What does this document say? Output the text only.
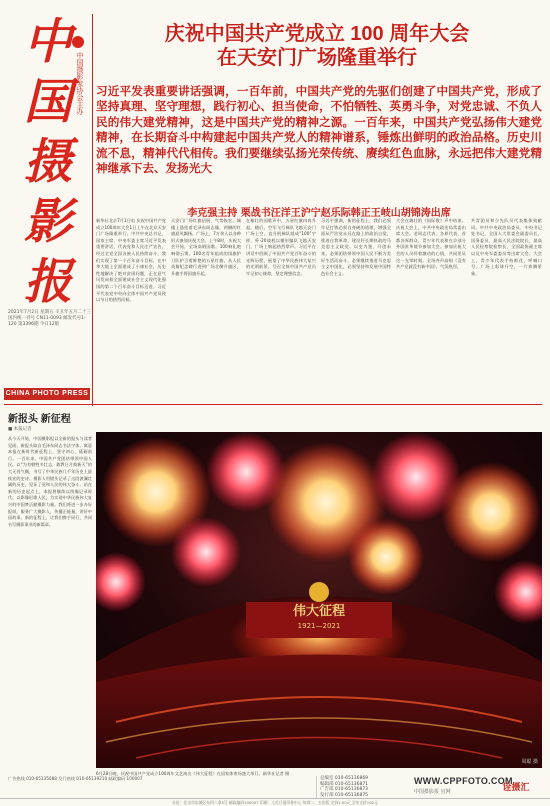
中
国
摄
影
报
中国摄影家协会主办
2021年7月2日 星期五 辛丑年五月二十三 国内统一刊号 CN11-0093 邮发代号1-120 第3396期 今日12版
CHINA PHOTO PRESS
庆祝中国共产党成立 100 周年大会
在天安门广场隆重举行
习近平发表重要讲话强调，一百年前，中国共产党的先驱们创建了中国共产党，形成了坚持真理、坚守理想，践行初心、担当使命，不怕牺牲、英勇斗争，对党忠诚、不负人民的伟大建党精神，这是中国共产党的精神之源。一百年来，中国共产党弘扬伟大建党精神，在长期奋斗中构建起中国共产党人的精神谱系，锤炼出鲜明的政治品格。历史川流不息，精神代代相传。我们要继续弘扬光荣传统、赓续红色血脉，永远把伟大建党精神继承下去、发扬光大
李克强主持 栗战书汪洋王沪宁赵乐际韩正王岐山胡锦涛出席
新华社北京7月1日电 庆祝中国共产党成立100周年大会1日上午在北京天安门广场隆重举行。中共中央总书记、国家主席、中央军委主席习近平发表重要讲话，代表党和人民庄严宣告，经过全党全国各族人民持续奋斗，我们实现了第一个百年奋斗目标，在中华大地上全面建成了小康社会，历史性地解决了绝对贫困问题，正在意气风发向着全面建成社会主义现代化强国的第二个百年奋斗目标迈进。习近平代表党中央向全体中国共产党员致以节日的热烈问候。
天安门广场红旗招展、气势恢宏。城楼上悬挂着毛泽东同志像，两侧的红旗迎风飘扬。广场上，7万余人以各种形式参加庆祝大会。上午8时，庆祝大会开始，全场高唱国歌。100响礼炮响彻云霄。100名青年组成的国旗护卫队护卫着鲜艳的五星红旗，从人民英雄纪念碑行进到广场北侧升旗区，升旗手将国旗升起。
在雄壮的国歌声中，五星红旗冉冉升起。随后，空军飞行梯队飞越天安门广场上空。直升机梯队组成“100”字样，歼-20战机以楔形编队飞越天安门，广场上响起热烈掌声。习近平在讲话中回顾了中国共产党百年奋斗的光辉历程，展望了中华民族伟大复兴的光明前景，号召全体中国共产党员牢记初心使命，坚定理想信念。
习近平强调，新的征程上，我们必须牢记打铁必须自身硬的道理，增强全面从严治党永远在路上的政治自觉，推进自我革命，建设好长期执政的马克思主义政党。以史为鉴、开创未来，必须团结带领中国人民不断为美好生活而奋斗，必须继续推进马克思主义中国化，必须坚持和发展中国特色社会主义。
大会在雄壮的《国际歌》声中结束。庆祝大会上，中共中央政治局常委出席大会。老同志代表、各界代表、首都各界群众、青少年代表和在京部分外国驻华使节参加大会。参加庆祝大会的人员怀着激动的心情，共同见证这一光荣时刻。全场齐声高唱《没有共产党就没有新中国》，气氛热烈。
共青团员和少先队员代表集体致献词。中共中央政治局委员、中央书记处书记，全国人大常委会副委员长，国务委员，最高人民法院院长，最高人民检察院检察长，全国政协副主席以及中央军委委员等出席大会。大会上，青少年代表手持鲜花，呼喊口号，广场上彩球升空，一片欢腾景象。
新报头 新征程
■ 本报记者
从今天开始，中国摄影报以全新的报头与读者见面。新报头取自毛泽东同志书法字体，寓意本报在新时代新征程上，坚守初心，砥砺前行。一百年来，中国共产党团结带领中国人民，以“为有牺牲多壮志，敢教日月换新天”的大无畏气概，书写了中华民族几千年历史上最恢宏的史诗。摄影人用镜头记录了这段波澜壮阔的历史，见证了党和人民的伟大奋斗。站在新的历史起点上，本报将继续以图像记录时代，以影像讴歌人民，为实现中华民族伟大复兴的中国梦贡献摄影力量。我们将进一步办好报纸，服务广大摄影人，传播正能量，讲好中国故事。新的征程上，让我们携手同行，共同书写摄影事业的新篇章。
伟大征程
1921—2021
周聪 摄
6月28日晚，庆祝中国共产党成立100周年文艺演出《伟大征程》在国家体育场盛大举行。新华社记者 摄
广告热线 010-65135088 发行热线 010-65139210 邮政编码 100007	总编室 010-65136869
编辑部 010-65136871
广告部 010-65136873
发行部 010-65136875
WWW.CPPFOTO.COM
中国摄影报 官网	诠摄汇
社址：北京市东城区东四八条5号 邮政编码100007 印刷：人民日报印务中心 每周二、五出版 定价2.00元 全年定价192元
